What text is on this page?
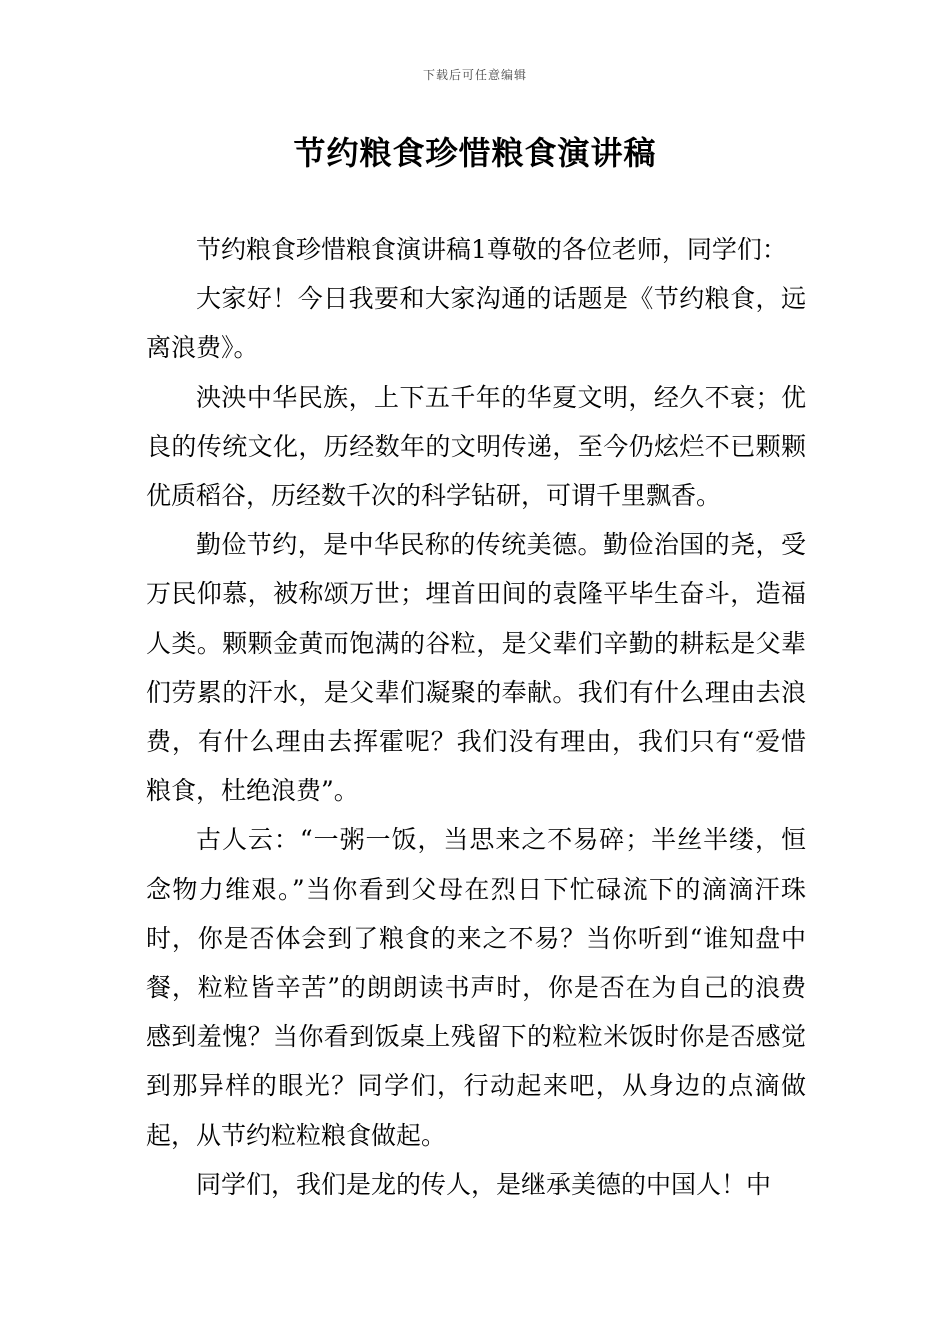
下载后可任意编辑
节约粮食珍惜粮食演讲稿

节约粮食珍惜粮食演讲稿1尊敬的各位老师，同学们：

大家好！今日我要和大家沟通的话题是《节约粮食，远离浪费》。

泱泱中华民族，上下五千年的华夏文明，经久不衰；优良的传统文化，历经数年的文明传递，至今仍炫烂不已颗颗优质稻谷，历经数千次的科学钻研，可谓千里飘香。

勤俭节约，是中华民称的传统美德。勤俭治国的尧，受万民仰慕，被称颂万世；埋首田间的袁隆平毕生奋斗，造福人类。颗颗金黄而饱满的谷粒，是父辈们辛勤的耕耘是父辈们劳累的汗水，是父辈们凝聚的奉献。我们有什么理由去浪费，有什么理由去挥霍呢？我们没有理由，我们只有“爱惜粮食，杜绝浪费”。

古人云：“一粥一饭，当思来之不易碎；半丝半缕，恒念物力维艰。”当你看到父母在烈日下忙碌流下的滴滴汗珠时，你是否体会到了粮食的来之不易？当你听到“谁知盘中餐，粒粒皆辛苦”的朗朗读书声时，你是否在为自己的浪费感到羞愧？当你看到饭桌上残留下的粒粒米饭时你是否感觉到那异样的眼光？同学们，行动起来吧，从身边的点滴做起，从节约粒粒粮食做起。

同学们，我们是龙的传人，是继承美德的中国人！中
